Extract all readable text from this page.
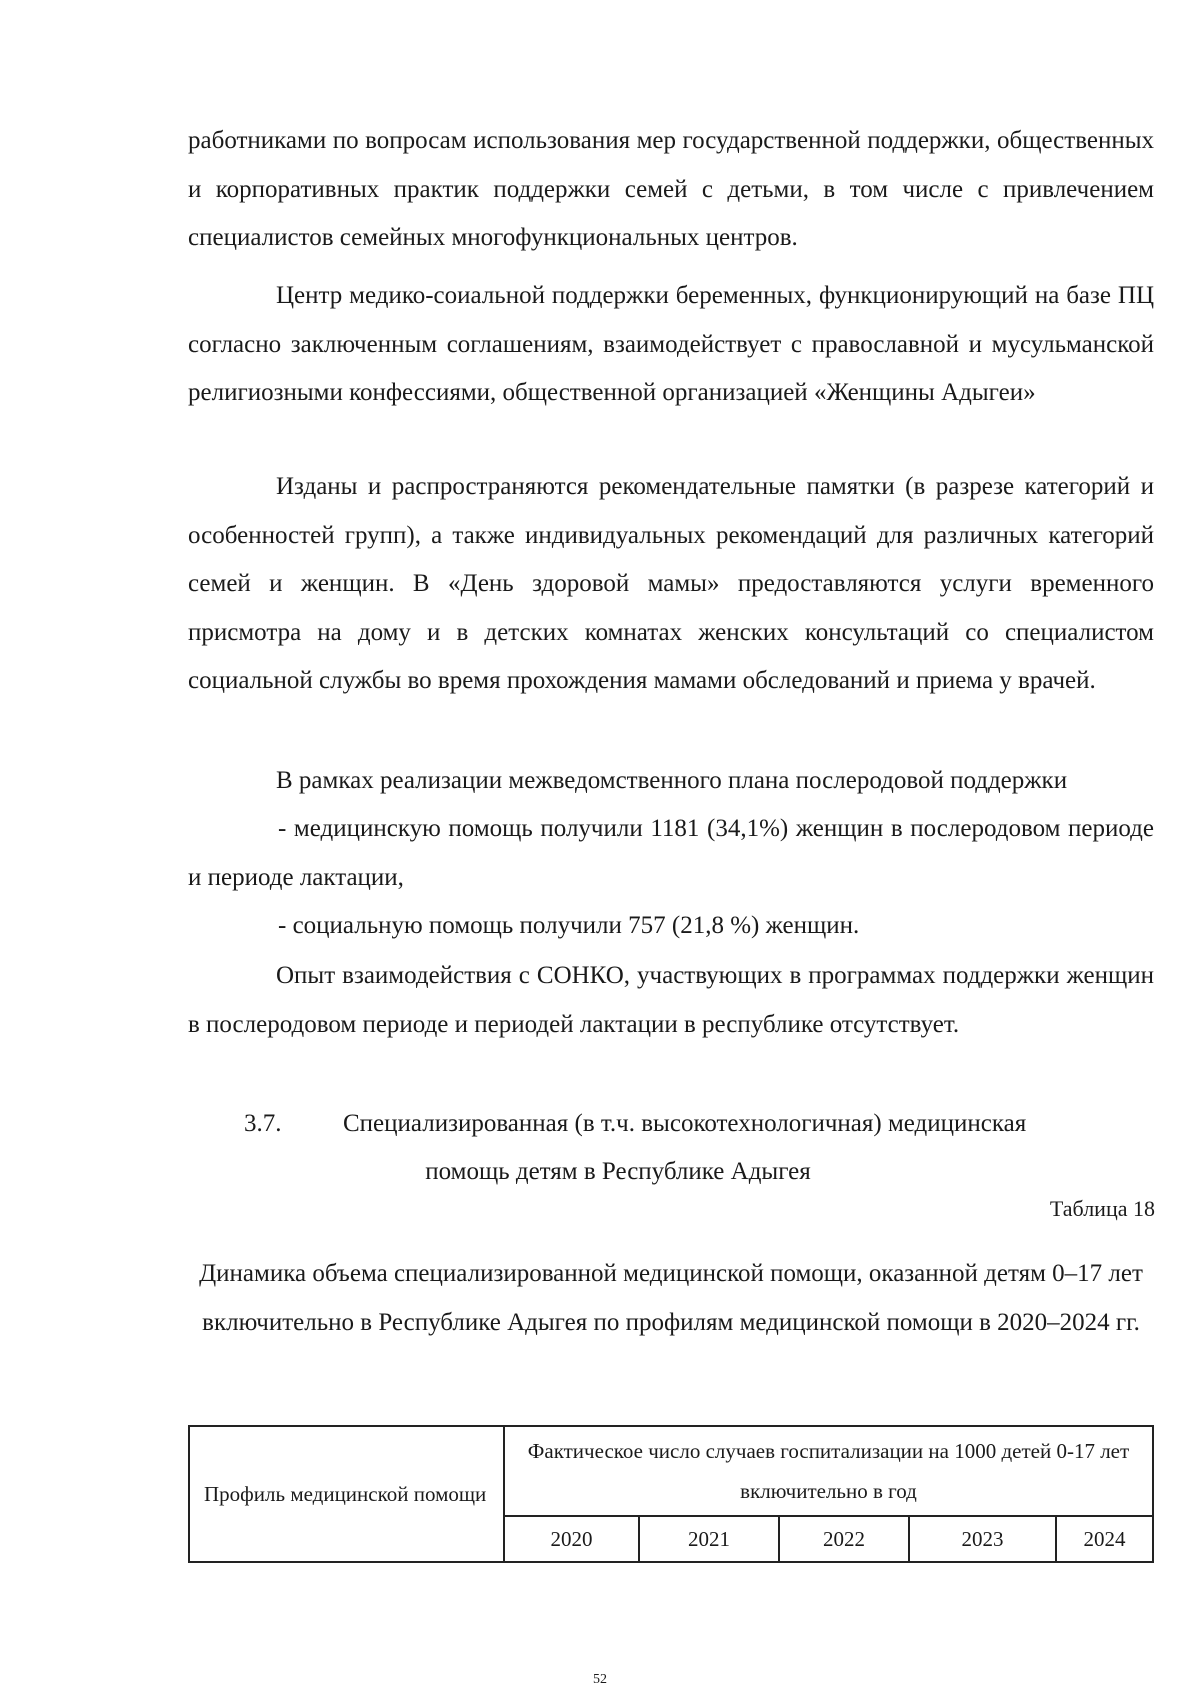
работниками по вопросам использования мер государственной поддержки, общественных и корпоративных практик поддержки семей с детьми, в том числе с привлечением специалистов семейных многофункциональных центров.

Центр медико-соиальной поддержки беременных, функционирующий на базе ПЦ согласно заключенным соглашениям, взаимодействует с православной и мусульманской религиозными конфессиями, общественной организацией «Женщины Адыгеи»

Изданы и распространяются рекомендательные памятки (в разрезе категорий и особенностей групп), а также индивидуальных рекомендаций для различных категорий семей и женщин. В «День здоровой мамы» предоставляются услуги временного присмотра на дому и в детских комнатах женских консультаций со специалистом социальной службы во время прохождения мамами обследований и приема у врачей.

В рамках реализации межведомственного плана послеродовой поддержки

- медицинскую помощь получили 1181 (34,1%) женщин в послеродовом периоде и периоде лактации,

- социальную помощь получили 757 (21,8 %) женщин.

Опыт взаимодействия с СОНКО, участвующих в программах поддержки женщин в послеродовом периоде и периодей лактации в республике отсутствует.

3.7. Специализированная (в т.ч. высокотехнологичная) медицинская
помощь детям в Республике Адыгея
Таблица 18
Динамика объема специализированной медицинской помощи, оказанной детям 0–17 лет включительно в Республике Адыгея по профилям медицинской помощи в 2020–2024 гг.
Профиль медицинской помощи	Фактическое число случаев госпитализации на 1000 детей 0-17 лет включительно в год				
	2020	2021	2022	2023	2024
52
